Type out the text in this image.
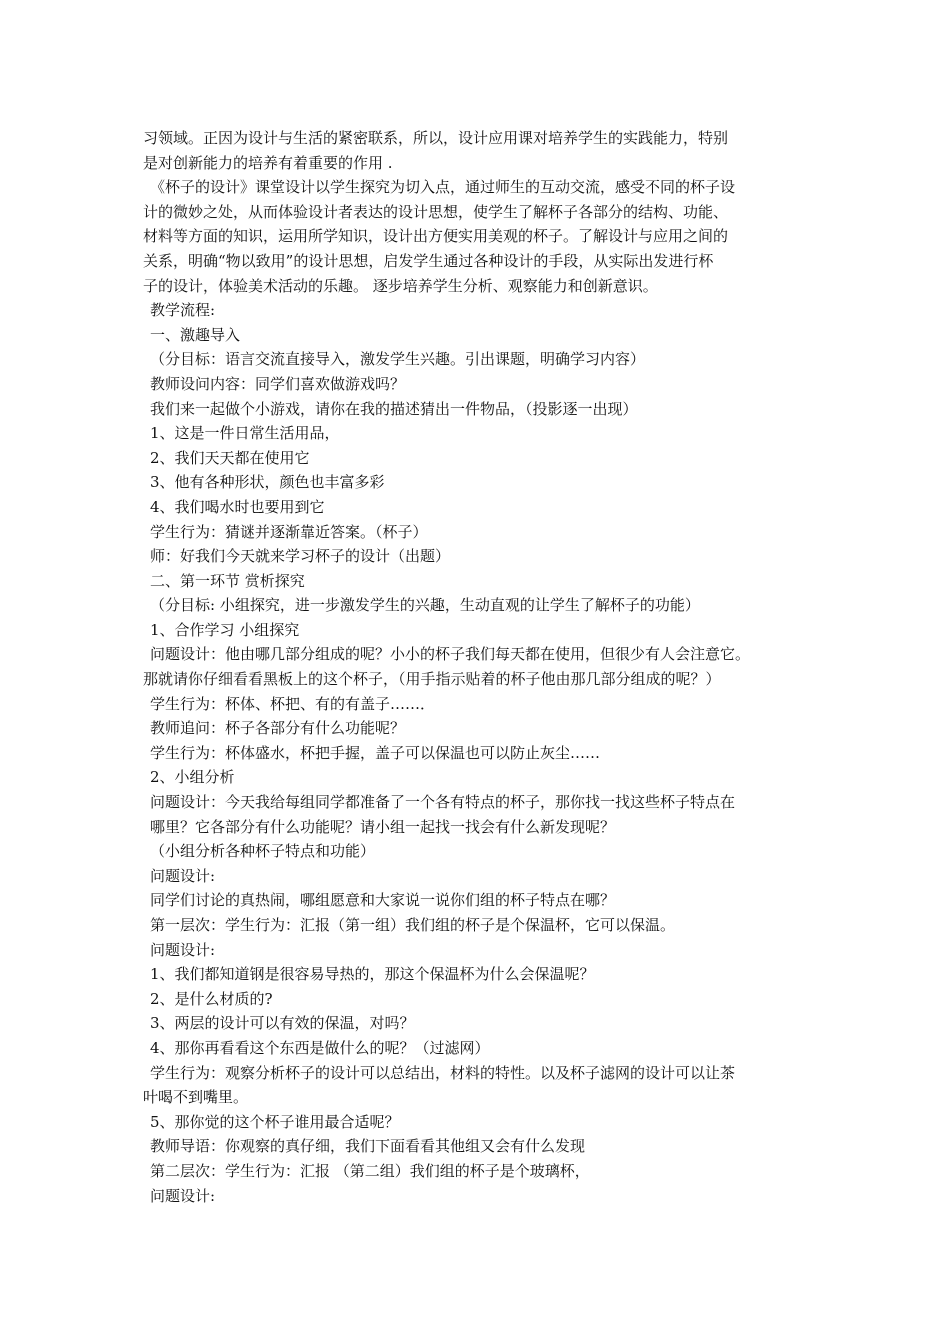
习领域。正因为设计与生活的紧密联系，所以，设计应用课对培养学生的实践能力，特别
是对创新能力的培养有着重要的作用 .
《杯子的设计》课堂设计以学生探究为切入点，通过师生的互动交流，感受不同的杯子设
计的微妙之处，从而体验设计者表达的设计思想，使学生了解杯子各部分的结构、功能、
材料等方面的知识，运用所学知识，设计出方便实用美观的杯子。了解设计与应用之间的
关系，明确“物以致用”的设计思想，启发学生通过各种设计的手段，从实际出发进行杯
子的设计，体验美术活动的乐趣。 逐步培养学生分析、观察能力和创新意识。
教学流程:
一、激趣导入
（分目标：语言交流直接导入，激发学生兴趣。引出课题，明确学习内容）
教师设问内容：同学们喜欢做游戏吗？
我们来一起做个小游戏，请你在我的描述猜出一件物品，（投影逐一出现）
1、这是一件日常生活用品，
2、我们天天都在使用它
3、他有各种形状，颜色也丰富多彩
4、我们喝水时也要用到它
学生行为：猜谜并逐渐靠近答案。（杯子）
师：好我们今天就来学习杯子的设计（出题）
二、第一环节 赏析探究
（分目标: 小组探究，进一步激发学生的兴趣，生动直观的让学生了解杯子的功能）
1、合作学习 小组探究
问题设计：他由哪几部分组成的呢？小小的杯子我们每天都在使用，但很少有人会注意它。
那就请你仔细看看黑板上的这个杯子，（用手指示贴着的杯子他由那几部分组成的呢？）
学生行为：杯体、杯把、有的有盖子……．
教师追问：杯子各部分有什么功能呢？
学生行为：杯体盛水，杯把手握，盖子可以保温也可以防止灰尘……
2、小组分析
问题设计：今天我给每组同学都准备了一个各有特点的杯子，那你找一找这些杯子特点在
哪里？它各部分有什么功能呢？请小组一起找一找会有什么新发现呢？
（小组分析各种杯子特点和功能）
问题设计:
同学们讨论的真热闹，哪组愿意和大家说一说你们组的杯子特点在哪？
第一层次：学生行为：汇报（第一组）我们组的杯子是个保温杯，它可以保温。
问题设计:
1、我们都知道钢是很容易导热的，那这个保温杯为什么会保温呢？
2、是什么材质的?
3、两层的设计可以有效的保温，对吗？
4、那你再看看这个东西是做什么的呢？（过滤网）
学生行为：观察分析杯子的设计可以总结出，材料的特性。以及杯子滤网的设计可以让茶
叶喝不到嘴里。
5、那你觉的这个杯子谁用最合适呢？
教师导语：你观察的真仔细，我们下面看看其他组又会有什么发现
第二层次：学生行为：汇报 （第二组）我们组的杯子是个玻璃杯，
问题设计:
